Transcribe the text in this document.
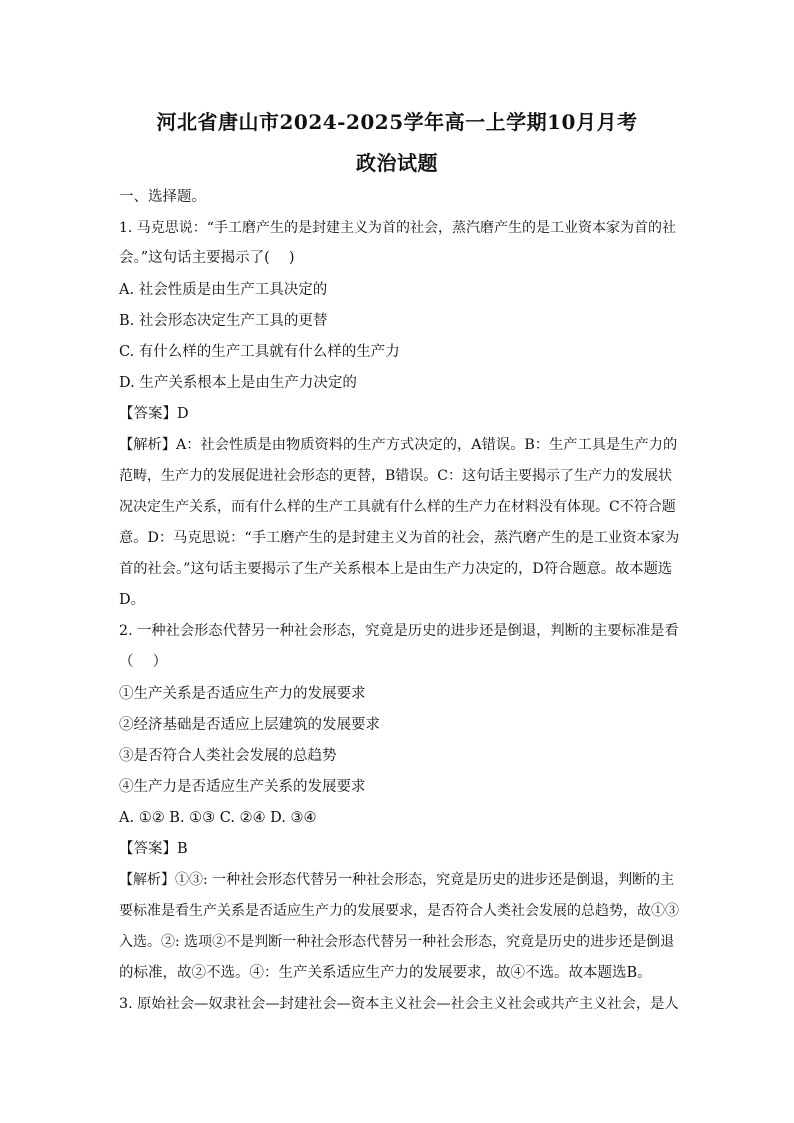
河北省唐山市2024-2025学年高一上学期10月月考
政治试题
一、选择题。
1. 马克思说：“手工磨产生的是封建主义为首的社会，蒸汽磨产生的是工业资本家为首的社
会。”这句话主要揭示了(　 )
A. 社会性质是由生产工具决定的
B. 社会形态决定生产工具的更替
C. 有什么样的生产工具就有什么样的生产力
D. 生产关系根本上是由生产力决定的
【答案】D
【解析】A：社会性质是由物质资料的生产方式决定的，A错误。B：生产工具是生产力的
范畴，生产力的发展促进社会形态的更替，B错误。C：这句话主要揭示了生产力的发展状
况决定生产关系，而有什么样的生产工具就有什么样的生产力在材料没有体现。C不符合题
意。D：马克思说：“手工磨产生的是封建主义为首的社会，蒸汽磨产生的是工业资本家为
首的社会。”这句话主要揭示了生产关系根本上是由生产力决定的，D符合题意。故本题选
D。
2. 一种社会形态代替另一种社会形态，究竟是历史的进步还是倒退，判断的主要标准是看
（　 ）
①生产关系是否适应生产力的发展要求
②经济基础是否适应上层建筑的发展要求
③是否符合人类社会发展的总趋势
④生产力是否适应生产关系的发展要求
A. ①② B. ①③ C. ②④ D. ③④
【答案】B
【解析】①③: 一种社会形态代替另一种社会形态，究竟是历史的进步还是倒退，判断的主
要标准是看生产关系是否适应生产力的发展要求，是否符合人类社会发展的总趋势，故①③
入选。②: 选项②不是判断一种社会形态代替另一种社会形态，究竟是历史的进步还是倒退
的标准，故②不选。④：生产关系适应生产力的发展要求，故④不选。故本题选B。
3. 原始社会—奴隶社会—封建社会—资本主义社会—社会主义社会或共产主义社会，是人
